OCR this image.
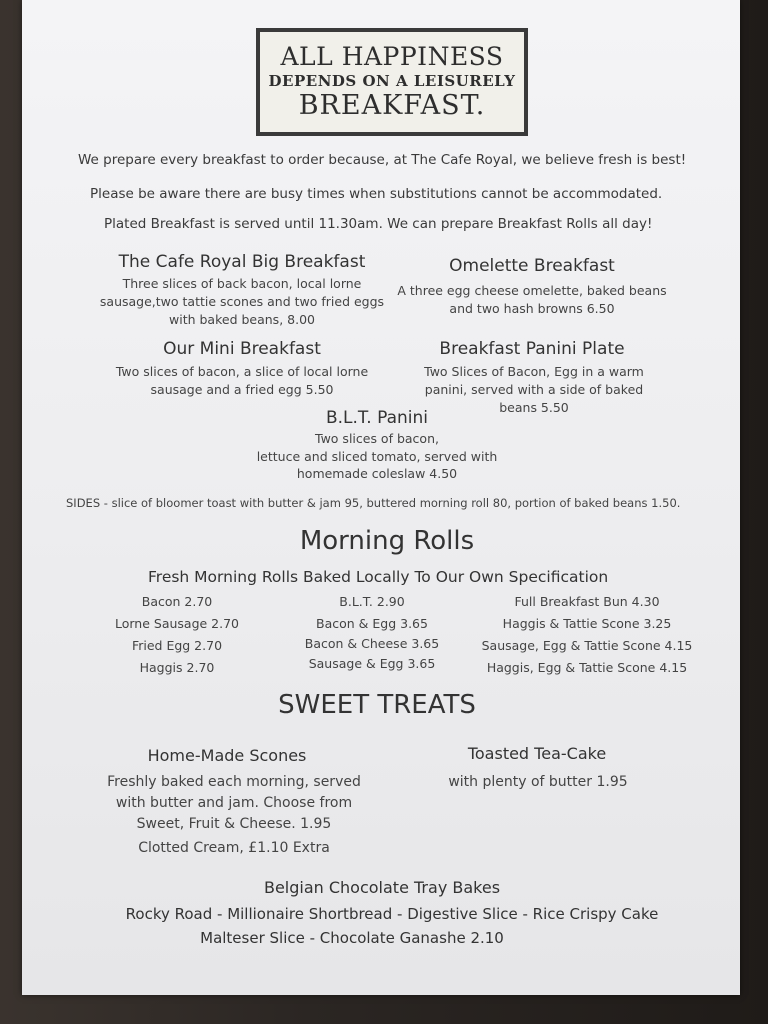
ALL HAPPINESS
DEPENDS ON A LEISURELY
BREAKFAST.
We prepare every breakfast to order because, at The Cafe Royal, we believe fresh is best!
Please be aware there are busy times when substitutions cannot be accommodated.
Plated Breakfast is served until 11.30am. We can prepare Breakfast Rolls all day!
The Cafe Royal Big Breakfast
Three slices of back bacon, local lorne sausage,two tattie scones and two fried eggs with baked beans, 8.00
Omelette Breakfast
A three egg cheese omelette, baked beans and two hash browns 6.50
Our Mini Breakfast
Two slices of bacon, a slice of local lorne sausage and a fried egg 5.50
Breakfast Panini Plate
Two Slices of Bacon, Egg in a warm panini, served with a side of baked beans 5.50
B.L.T. Panini
Two slices of bacon,
lettuce and sliced tomato, served with
homemade coleslaw 4.50
SIDES - slice of bloomer toast with butter & jam 95, buttered morning roll 80, portion of baked beans 1.50.
Morning Rolls
Fresh Morning Rolls Baked Locally To Our Own Specification
Bacon 2.70
Lorne Sausage 2.70
Fried Egg 2.70
Haggis 2.70
B.L.T. 2.90
Bacon & Egg 3.65
Bacon & Cheese 3.65
Sausage & Egg 3.65
Full Breakfast Bun 4.30
Haggis & Tattie Scone 3.25
Sausage, Egg & Tattie Scone 4.15
Haggis, Egg & Tattie Scone 4.15
SWEET TREATS
Home-Made Scones
Freshly baked each morning, served with butter and jam. Choose from Sweet, Fruit & Cheese. 1.95
Clotted Cream, £1.10 Extra
Toasted Tea-Cake
with plenty of butter 1.95
Belgian Chocolate Tray Bakes
Rocky Road - Millionaire Shortbread - Digestive Slice - Rice Crispy Cake
Malteser Slice - Chocolate Ganashe 2.10
